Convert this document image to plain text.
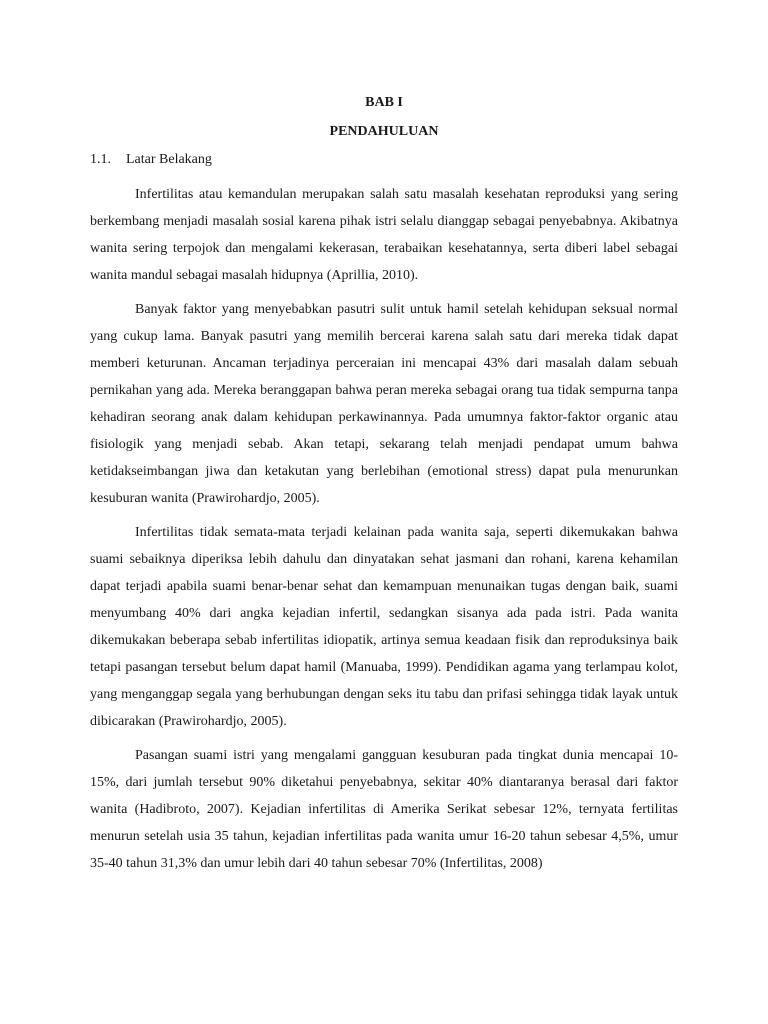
BAB I
PENDAHULUAN
1.1. Latar Belakang

Infertilitas atau kemandulan merupakan salah satu masalah kesehatan reproduksi yang sering berkembang menjadi masalah sosial karena pihak istri selalu dianggap sebagai penyebabnya. Akibatnya wanita sering terpojok dan mengalami kekerasan, terabaikan kesehatannya, serta diberi label sebagai wanita mandul sebagai masalah hidupnya (Aprillia, 2010).

Banyak faktor yang menyebabkan pasutri sulit untuk hamil setelah kehidupan seksual normal yang cukup lama. Banyak pasutri yang memilih bercerai karena salah satu dari mereka tidak dapat memberi keturunan. Ancaman terjadinya perceraian ini mencapai 43% dari masalah dalam sebuah pernikahan yang ada. Mereka beranggapan bahwa peran mereka sebagai orang tua tidak sempurna tanpa kehadiran seorang anak dalam kehidupan perkawinannya. Pada umumnya faktor-faktor organic atau fisiologik yang menjadi sebab. Akan tetapi, sekarang telah menjadi pendapat umum bahwa ketidakseimbangan jiwa dan ketakutan yang berlebihan (emotional stress) dapat pula menurunkan kesuburan wanita (Prawirohardjo, 2005).

Infertilitas tidak semata-mata terjadi kelainan pada wanita saja, seperti dikemukakan bahwa suami sebaiknya diperiksa lebih dahulu dan dinyatakan sehat jasmani dan rohani, karena kehamilan dapat terjadi apabila suami benar-benar sehat dan kemampuan menunaikan tugas dengan baik, suami menyumbang 40% dari angka kejadian infertil, sedangkan sisanya ada pada istri. Pada wanita dikemukakan beberapa sebab infertilitas idiopatik, artinya semua keadaan fisik dan reproduksinya baik tetapi pasangan tersebut belum dapat hamil (Manuaba, 1999). Pendidikan agama yang terlampau kolot, yang menganggap segala yang berhubungan dengan seks itu tabu dan prifasi sehingga tidak layak untuk dibicarakan (Prawirohardjo, 2005).

Pasangan suami istri yang mengalami gangguan kesuburan pada tingkat dunia mencapai 10-15%, dari jumlah tersebut 90% diketahui penyebabnya, sekitar 40% diantaranya berasal dari faktor wanita (Hadibroto, 2007). Kejadian infertilitas di Amerika Serikat sebesar 12%, ternyata fertilitas menurun setelah usia 35 tahun, kejadian infertilitas pada wanita umur 16-20 tahun sebesar 4,5%, umur 35-40 tahun 31,3% dan umur lebih dari 40 tahun sebesar 70% (Infertilitas, 2008)
